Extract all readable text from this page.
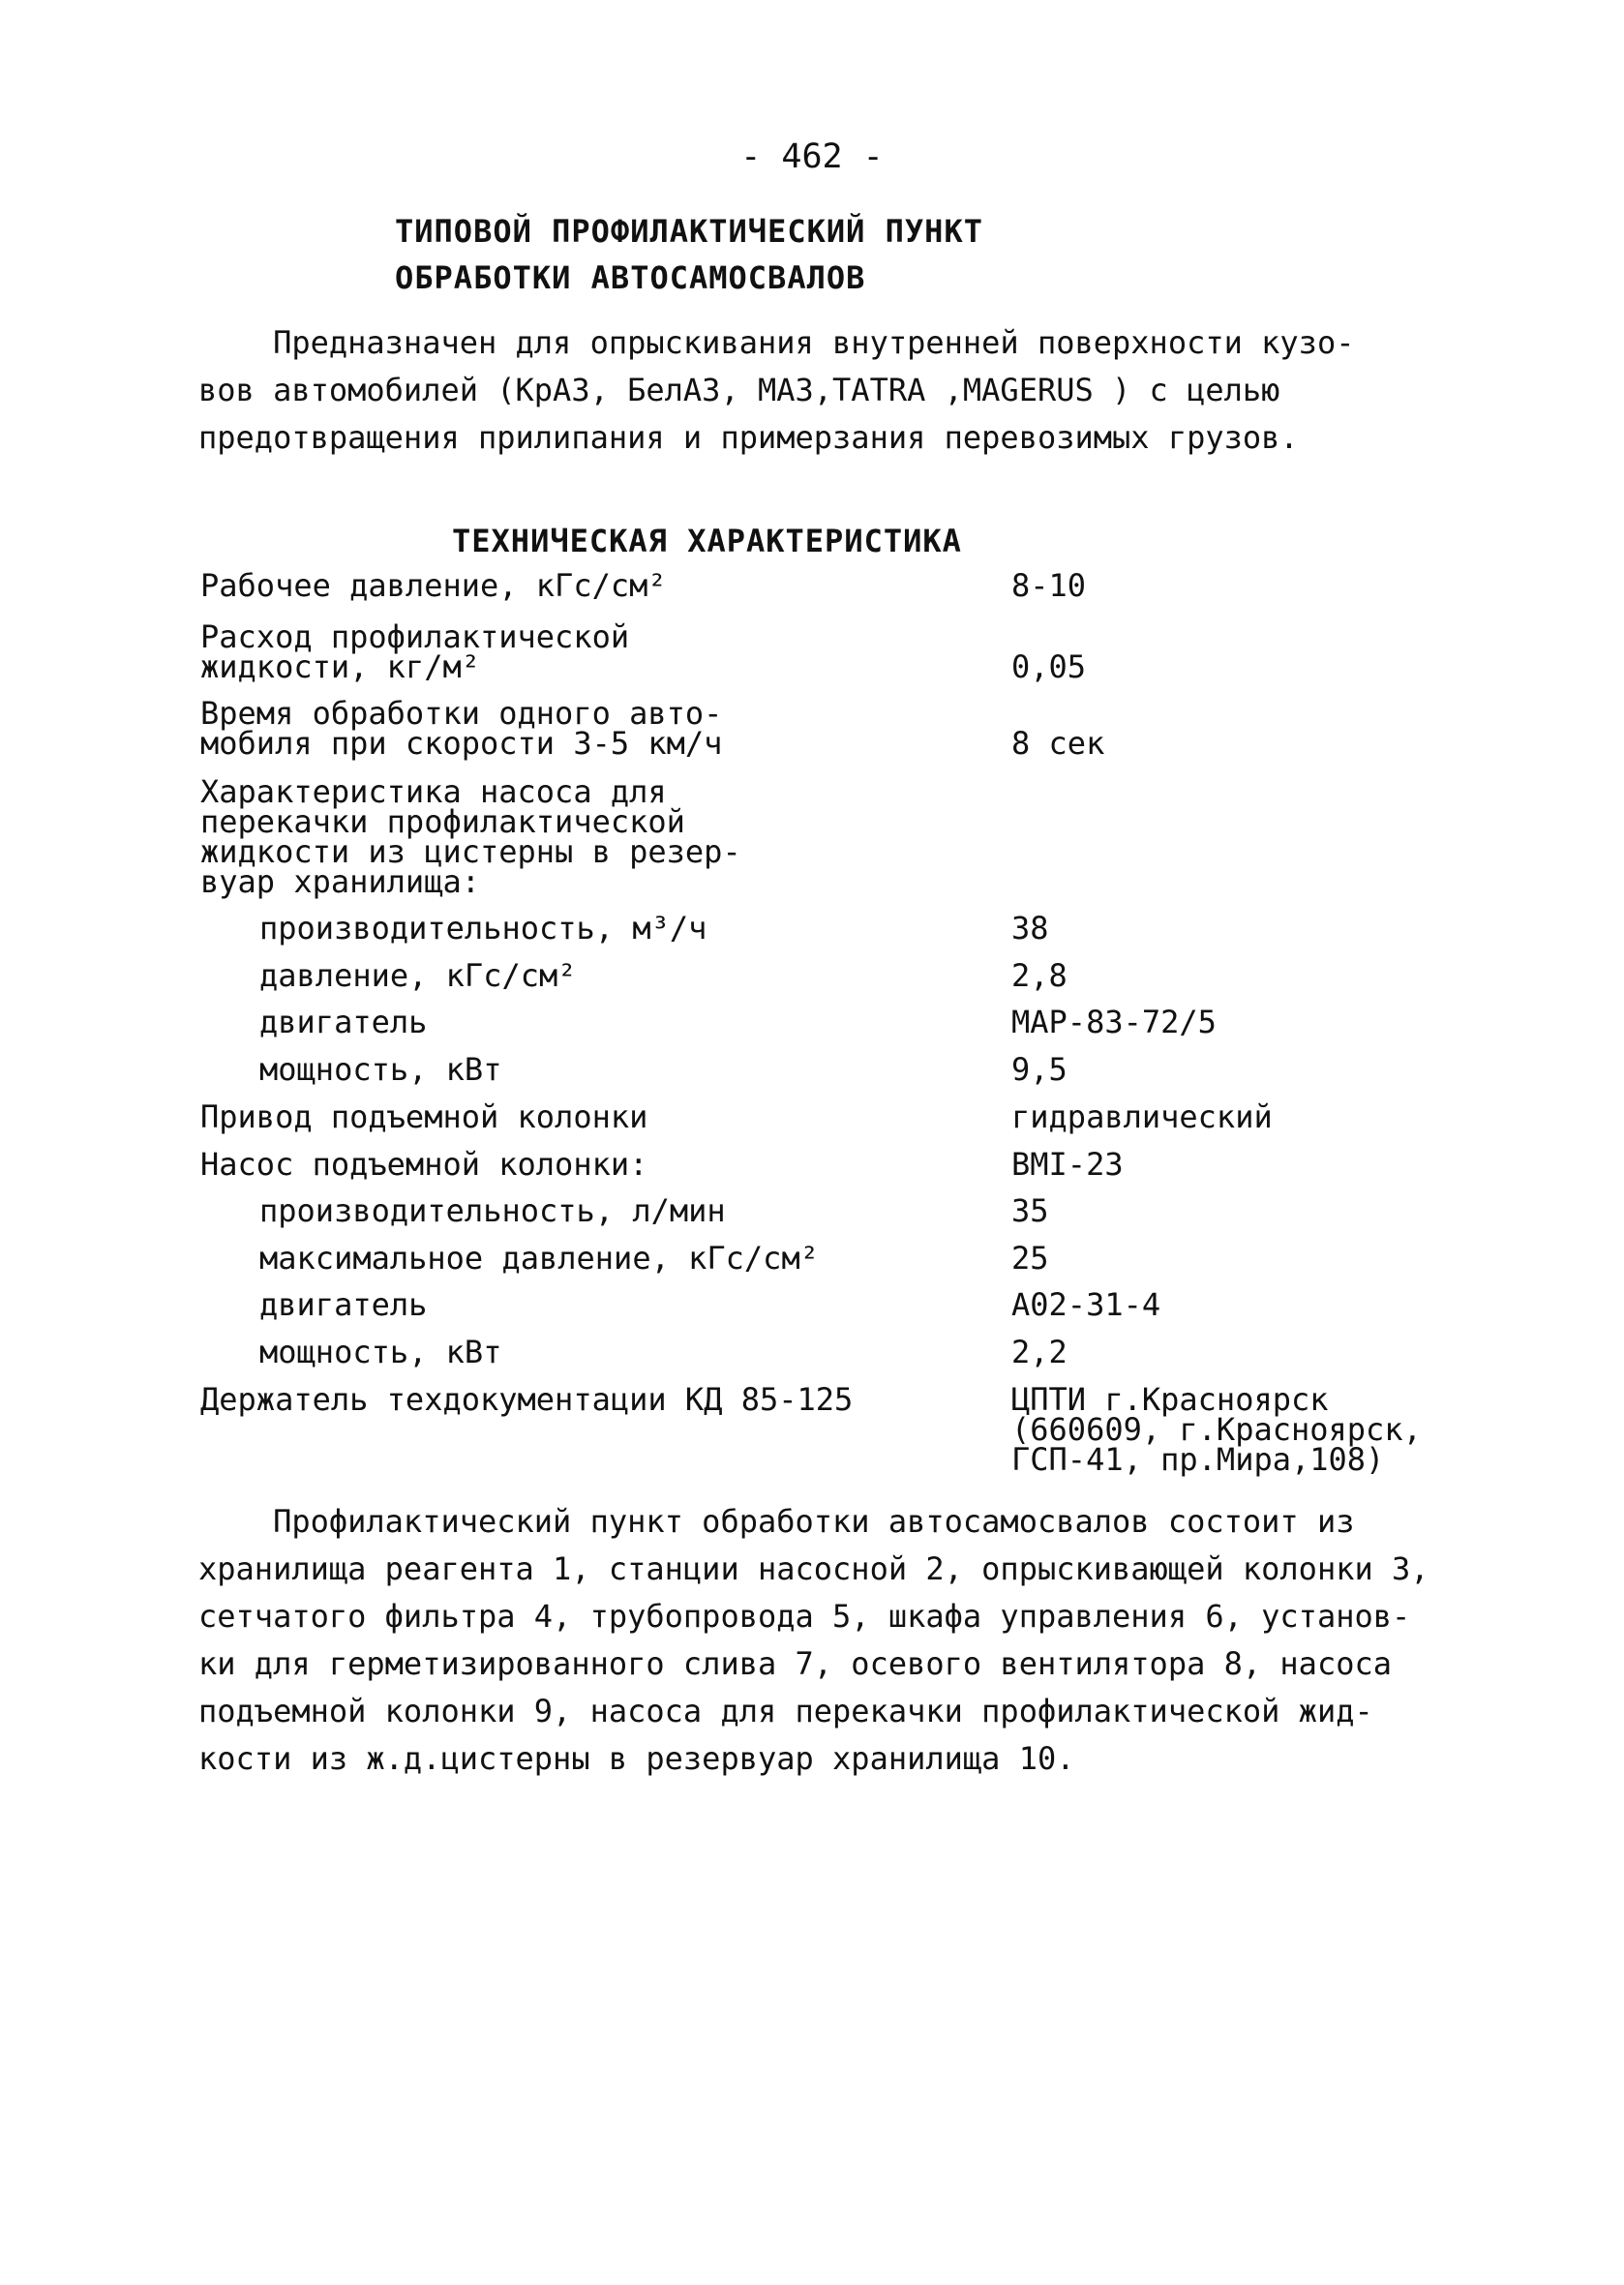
- 462 -
ТИПОВОЙ ПРОФИЛАКТИЧЕСКИЙ ПУНКТ
ОБРАБОТКИ АВТОСАМОСВАЛОВ
Предназначен для опрыскивания внутренней поверхности кузо-
вов автомобилей (КрАЗ, БелАЗ, МАЗ,TATRA ,MAGERUS ) с целью
предотвращения прилипания и примерзания перевозимых грузов.
ТЕХНИЧЕСКАЯ ХАРАКТЕРИСТИКА
Рабочее давление, кГс/см²	8-10
Расход профилактической
жидкости, кг/м²	0,05
Время обработки одного авто-
мобиля при скорости 3-5 км/ч	8 сек
Характеристика насоса для
перекачки профилактической
жидкости из цистерны в резер-
вуар хранилища:
производительность, м³/ч	38
давление, кГс/см²	2,8
двигатель	МАР-83-72/5
мощность, кВт	9,5
Привод подъемной колонки	гидравлический
Насос подъемной колонки:	ВМI-23
производительность, л/мин	35
максимальное давление, кГс/см²	25
двигатель	А02-31-4
мощность, кВт	2,2
Держатель техдокументации КД 85-125	ЦПТИ г.Красноярск
(660609, г.Красноярск,
ГСП-41, пр.Мира,108)
Профилактический пункт обработки автосамосвалов состоит из
хранилища реагента 1, станции насосной 2, опрыскивающей колонки 3,
сетчатого фильтра 4, трубопровода 5, шкафа управления 6, установ-
ки для герметизированного слива 7, осевого вентилятора 8, насоса
подъемной колонки 9, насоса для перекачки профилактической жид-
кости из ж.д.цистерны в резервуар хранилища 10.
